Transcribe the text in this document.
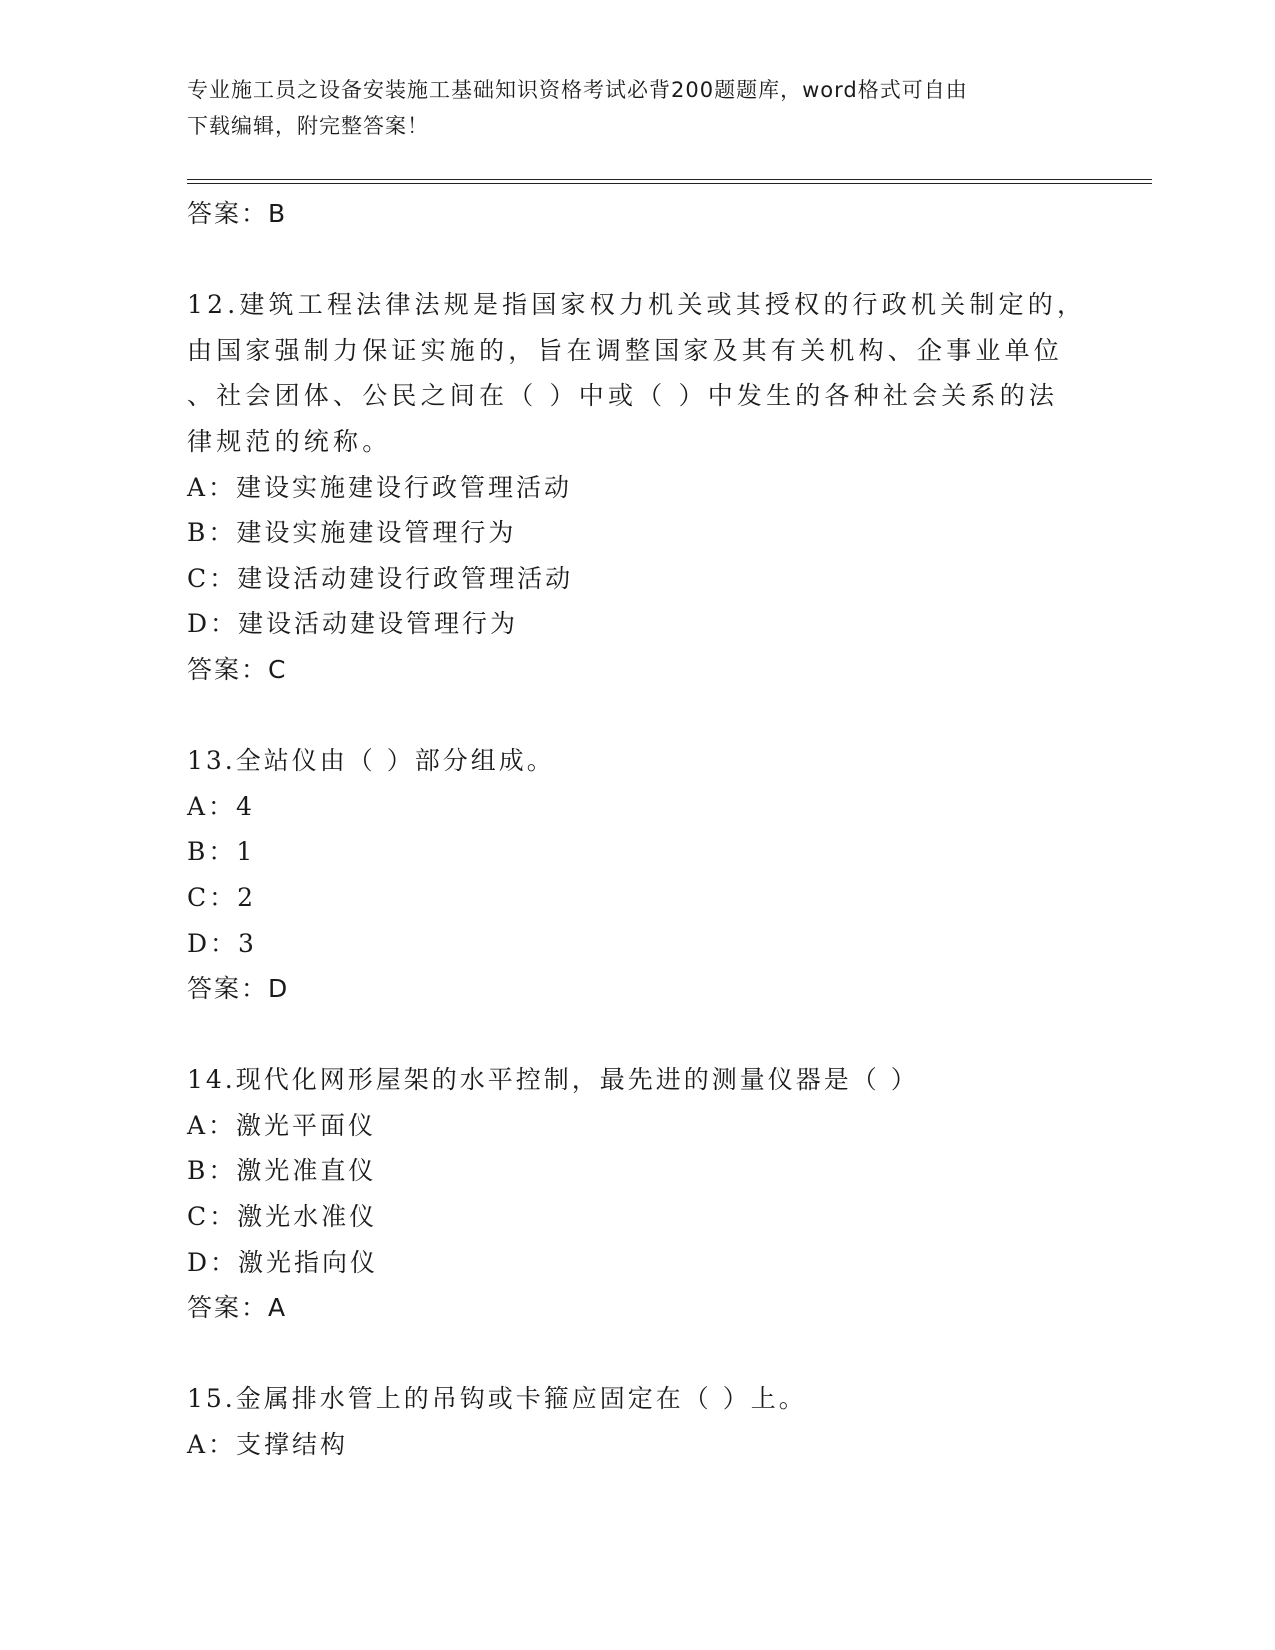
专业施工员之设备安装施工基础知识资格考试必背200题题库，word格式可自由
下载编辑，附完整答案！
答案：B
12.建筑工程法律法规是指国家权力机关或其授权的行政机关制定的，
由国家强制力保证实施的，旨在调整国家及其有关机构、企事业单位
、社会团体、公民之间在（ ）中或（ ）中发生的各种社会关系的法
律规范的统称。
A：建设实施建设行政管理活动
B：建设实施建设管理行为
C：建设活动建设行政管理活动
D：建设活动建设管理行为
答案：C
13.全站仪由（ ）部分组成。
A：4
B：1
C：2
D：3
答案：D
14.现代化网形屋架的水平控制，最先进的测量仪器是（ ）
A：激光平面仪
B：激光准直仪
C：激光水准仪
D：激光指向仪
答案：A
15.金属排水管上的吊钩或卡箍应固定在（ ）上。
A：支撑结构
